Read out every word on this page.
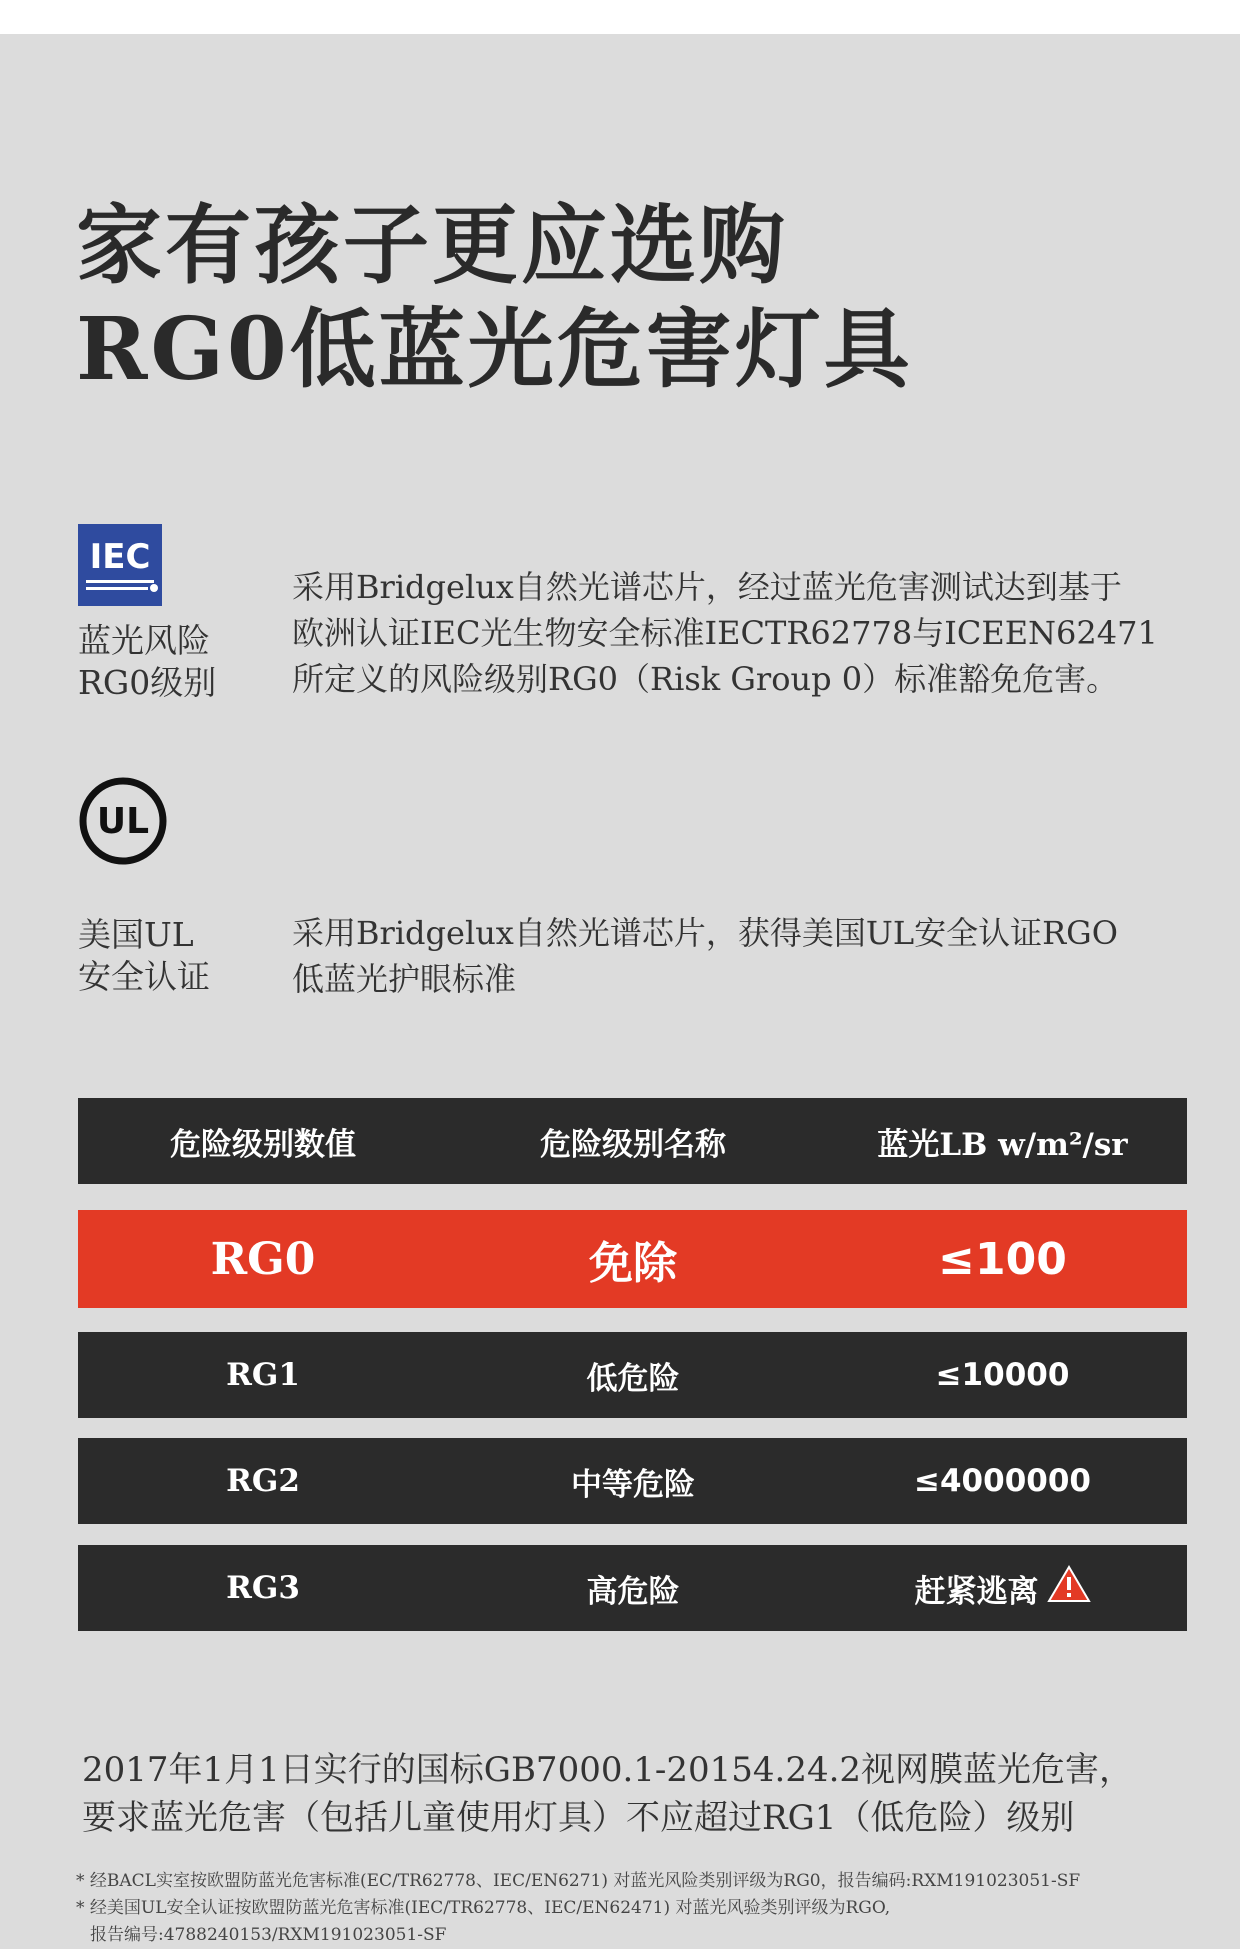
家有孩子更应选购
RG0低蓝光危害灯具
IEC
蓝光风险
RG0级别
采用Bridgelux自然光谱芯片，经过蓝光危害测试达到基于
欧洲认证IEC光生物安全标准IECTR62778与ICEEN62471
所定义的风险级别RG0（Risk Group 0）标准豁免危害。
UL
美国UL
安全认证
采用Bridgelux自然光谱芯片，获得美国UL安全认证RGO
低蓝光护眼标准
危险级别数值	危险级别名称	蓝光LB w/m²/sr
RG0	免除	≤100
RG1	低危险	≤10000
RG2	中等危险	≤4000000
RG3	高危险	赶紧逃离
2017年1月1日实行的国标GB7000.1-20154.24.2视网膜蓝光危害，
要求蓝光危害（包括儿童使用灯具）不应超过RG1（低危险）级别
* 经BACL实室按欧盟防蓝光危害标准(EC/TR62778、IEC/EN6271) 对蓝光风险类别评级为RG0，报告编码:RXM191023051-SF
* 经美国UL安全认证按欧盟防蓝光危害标准(IEC/TR62778、IEC/EN62471) 对蓝光风验类别评级为RGO,
报告编号:4788240153/RXM191023051-SF
